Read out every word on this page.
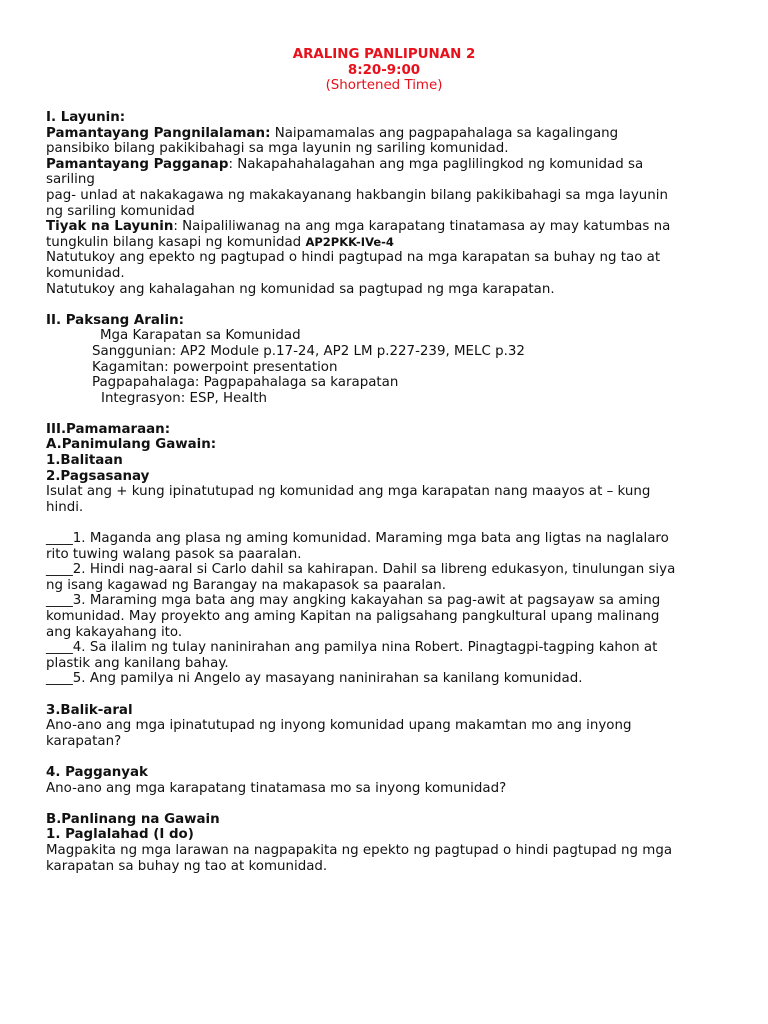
ARALING PANLIPUNAN 2
8:20-9:00
(Shortened Time)
I. Layunin:
Pamantayang Pangnilalaman: Naipamamalas ang pagpapahalaga sa kagalingang
pansibiko bilang pakikibahagi sa mga layunin ng sariling komunidad.
Pamantayang Pagganap: Nakapahahalagahan ang mga paglilingkod ng komunidad sa
sariling
pag- unlad at nakakagawa ng makakayanang hakbangin bilang pakikibahagi sa mga layunin
ng sariling komunidad
Tiyak na Layunin: Naipaliliwanag na ang mga karapatang tinatamasa ay may katumbas na
tungkulin bilang kasapi ng komunidad AP2PKK-IVe-4
Natutukoy ang epekto ng pagtupad o hindi pagtupad na mga karapatan sa buhay ng tao at
komunidad.
Natutukoy ang kahalagahan ng komunidad sa pagtupad ng mga karapatan.
II. Paksang Aralin:
Mga Karapatan sa Komunidad
Sanggunian: AP2 Module p.17-24, AP2 LM p.227-239, MELC p.32
Kagamitan: powerpoint presentation
Pagpapahalaga: Pagpapahalaga sa karapatan
Integrasyon: ESP, Health
III.Pamamaraan:
A.Panimulang Gawain:
1.Balitaan
2.Pagsasanay
Isulat ang + kung ipinatutupad ng komunidad ang mga karapatan nang maayos at – kung
hindi.
____1. Maganda ang plasa ng aming komunidad. Maraming mga bata ang ligtas na naglalaro
rito tuwing walang pasok sa paaralan.
____2. Hindi nag-aaral si Carlo dahil sa kahirapan. Dahil sa libreng edukasyon, tinulungan siya
ng isang kagawad ng Barangay na makapasok sa paaralan.
____3. Maraming mga bata ang may angking kakayahan sa pag-awit at pagsayaw sa aming
komunidad. May proyekto ang aming Kapitan na paligsahang pangkultural upang malinang
ang kakayahang ito.
____4. Sa ilalim ng tulay naninirahan ang pamilya nina Robert. Pinagtagpi-tagping kahon at
plastik ang kanilang bahay.
____5. Ang pamilya ni Angelo ay masayang naninirahan sa kanilang komunidad.
3.Balik-aral
Ano-ano ang mga ipinatutupad ng inyong komunidad upang makamtan mo ang inyong
karapatan?
4. Pagganyak
Ano-ano ang mga karapatang tinatamasa mo sa inyong komunidad?
B.Panlinang na Gawain
1. Paglalahad (I do)
Magpakita ng mga larawan na nagpapakita ng epekto ng pagtupad o hindi pagtupad ng mga
karapatan sa buhay ng tao at komunidad.
